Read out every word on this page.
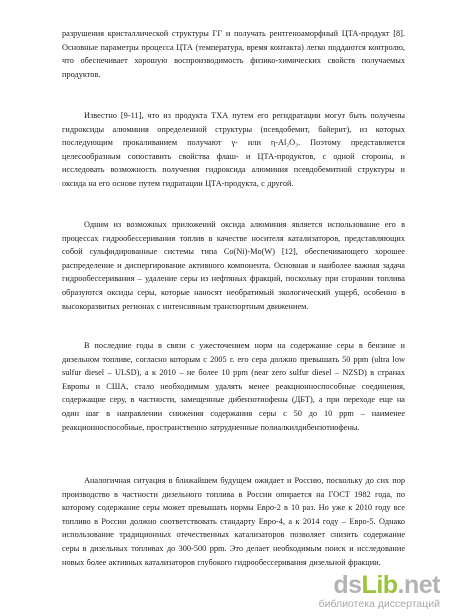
разрушения кристаллической структуры ГГ и получать рентгеноаморфный ЦТА-продукт [8]. Основные параметры процесса ЦТА (температура, время контакта) легко поддаются контролю, что обеспечивает хорошую воспроизводимость физико-химических свойств получаемых продуктов.

Известно [9-11], что из продукта ТХА путем его регидратации могут быть получены гидроксиды алюминия определенной структуры (псевдобемит, байерит), из которых последующим прокаливанием получают γ- или η-Al₂O₃. Поэтому представляется целесообразным сопоставить свойства флаш- и ЦТА-продуктов, с одной стороны, и исследовать возможность получения гидроксида алюминия псевдобемитной структуры и оксида на его основе путем гидратации ЦТА-продукта, с другой.

Одним из возможных приложений оксида алюминия является использование его в процессах гидрообессеривания топлив в качестве носителя катализаторов, представляющих собой сульфидированные системы типа Co(Ni)-Mo(W) [12], обеспечивающего хорошее распределение и диспергирование активного компонента. Основная и наиболее важная задача гидрообессеривания – удаление серы из нефтяных фракций, поскольку при сгорании топлива образуются оксиды серы, которые наносят необратимый экологический ущерб, особенно в высокоразвитых регионах с интенсивным транспортным движением.

В последние годы в связи с ужесточением норм на содержание серы в бензине и дизельном топливе, согласно которым с 2005 г. его сера должно превышать 50 ppm (ultra low sulfur diesel – ULSD), а к 2010 – не более 10 ppm (near zero sulfur diesel – NZSD) в странах Европы и США, стало необходимым удалять менее реакционноспособные соединения, содержащие серу, в частности, замещенные дибензотиофены (ДБТ), а при переходе еще на один шаг в направлении снижения содержания серы с 50 до 10 ppm – наименее реакционноспособные, пространственно затрудненные полиалкилдибензотиофены.

Аналогичная ситуация в ближайшем будущем ожидает и Россию, поскольку до сих пор производство в частности дизельного топлива в России опирается на ГОСТ 1982 года, по которому содержание серы может превышать нормы Евро-2 в 10 раз. Но уже к 2010 году все топливо в России должно соответствовать стандарту Евро-4, а к 2014 году – Евро-5. Однако использование традиционных отечественных катализаторов позволяет снизить содержание серы в дизельных топливах до 300-500 ppm. Это делает необходимым поиск и исследование новых более активных катализаторов глубокого гидрообессеривания дизельной фракции.

dsLib.net
библиотека диссертаций
